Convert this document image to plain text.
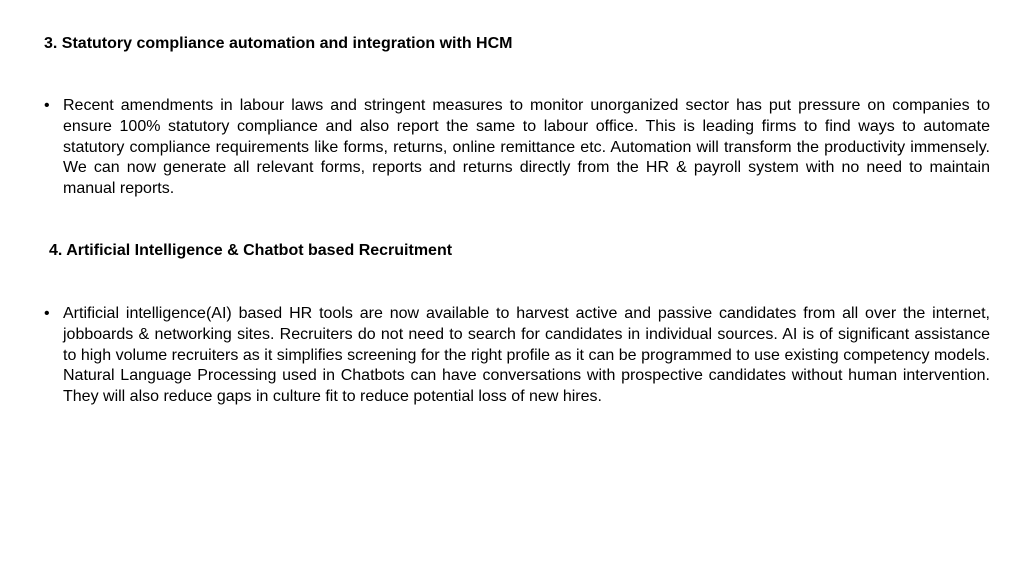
3. Statutory compliance automation and integration with HCM
• Recent amendments in labour laws and stringent measures to monitor unorganized sector has put pressure on companies to ensure 100% statutory compliance and also report the same to labour office. This is leading firms to find ways to automate statutory compliance requirements like forms, returns, online remittance etc. Automation will transform the productivity immensely. We can now generate all relevant forms, reports and returns directly from the HR & payroll system with no need to maintain manual reports.
4. Artificial Intelligence & Chatbot based Recruitment
• Artificial intelligence(AI) based HR tools are now available to harvest active and passive candidates from all over the internet, jobboards & networking sites. Recruiters do not need to search for candidates in individual sources. AI is of significant assistance to high volume recruiters as it simplifies screening for the right profile as it can be programmed to use existing competency models. Natural Language Processing used in Chatbots can have conversations with prospective candidates without human intervention. They will also reduce gaps in culture fit to reduce potential loss of new hires.
